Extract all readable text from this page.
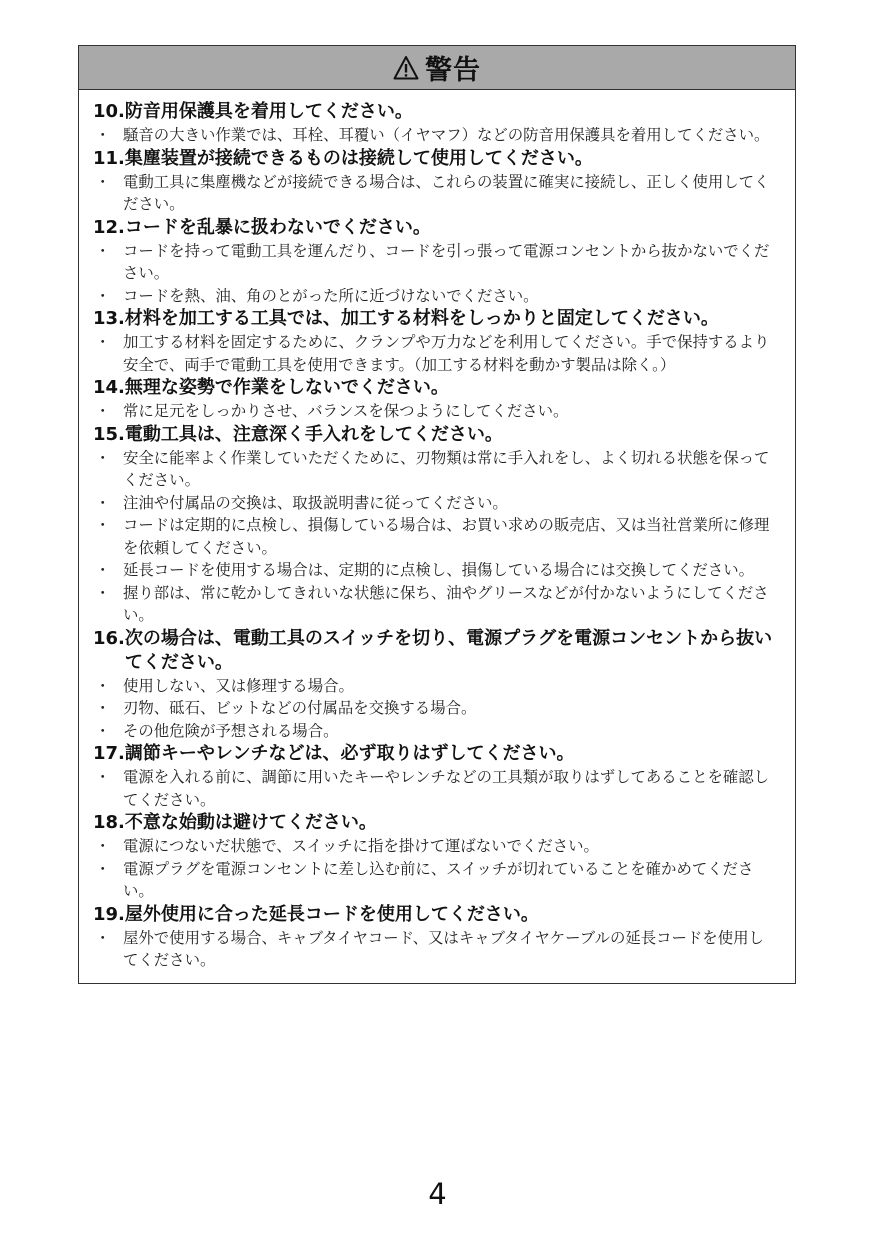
警告
10. 防音用保護具を着用してください。
・ 騒音の大きい作業では、耳栓、耳覆い（イヤマフ）などの防音用保護具を着用してください。
11. 集塵装置が接続できるものは接続して使用してください。
・ 電動工具に集塵機などが接続できる場合は、これらの装置に確実に接続し、正しく使用してください。
12. コードを乱暴に扱わないでください。
・ コードを持って電動工具を運んだり、コードを引っ張って電源コンセントから抜かないでください。
・ コードを熱、油、角のとがった所に近づけないでください。
13. 材料を加工する工具では、加工する材料をしっかりと固定してください。
・ 加工する材料を固定するために、クランプや万力などを利用してください。手で保持するより安全で、両手で電動工具を使用できます。（加工する材料を動かす製品は除く。）
14. 無理な姿勢で作業をしないでください。
・ 常に足元をしっかりさせ、バランスを保つようにしてください。
15. 電動工具は、注意深く手入れをしてください。
・ 安全に能率よく作業していただくために、刃物類は常に手入れをし、よく切れる状態を保ってください。
・ 注油や付属品の交換は、取扱説明書に従ってください。
・ コードは定期的に点検し、損傷している場合は、お買い求めの販売店、又は当社営業所に修理を依頼してください。
・ 延長コードを使用する場合は、定期的に点検し、損傷している場合には交換してください。
・ 握り部は、常に乾かしてきれいな状態に保ち、油やグリースなどが付かないようにしてください。
16. 次の場合は、電動工具のスイッチを切り、電源プラグを電源コンセントから抜いてください。
・ 使用しない、又は修理する場合。
・ 刃物、砥石、ビットなどの付属品を交換する場合。
・ その他危険が予想される場合。
17. 調節キーやレンチなどは、必ず取りはずしてください。
・ 電源を入れる前に、調節に用いたキーやレンチなどの工具類が取りはずしてあることを確認してください。
18. 不意な始動は避けてください。
・ 電源につないだ状態で、スイッチに指を掛けて運ばないでください。
・ 電源プラグを電源コンセントに差し込む前に、スイッチが切れていることを確かめてください。
19. 屋外使用に合った延長コードを使用してください。
・ 屋外で使用する場合、キャブタイヤコード、又はキャブタイヤケーブルの延長コードを使用してください。
4
